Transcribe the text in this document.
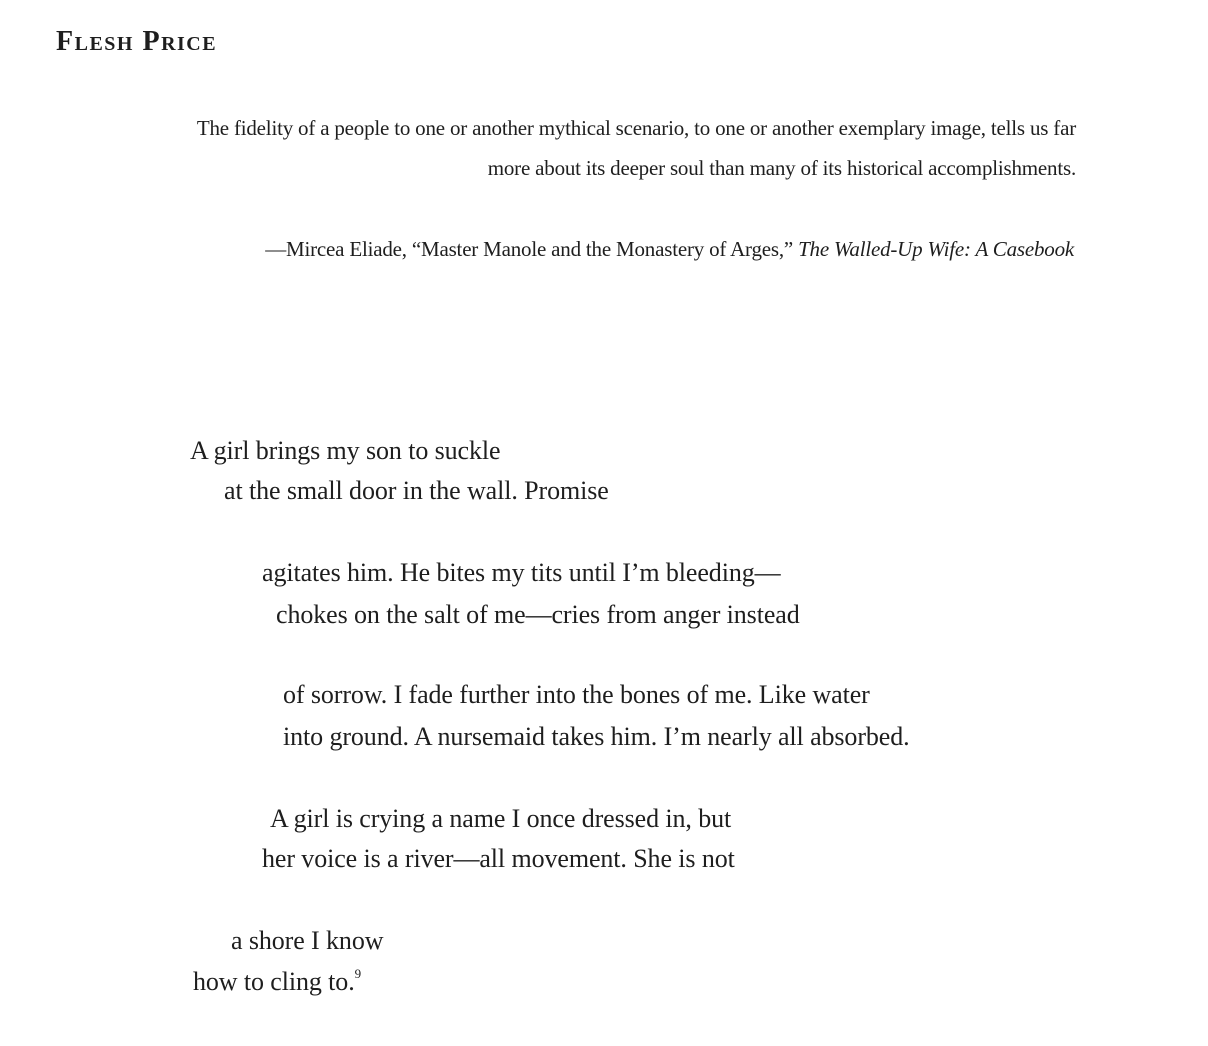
Flesh Price
The fidelity of a people to one or another mythical scenario, to one or another exemplary image, tells us far
more about its deeper soul than many of its historical accomplishments.
—Mircea Eliade, “Master Manole and the Monastery of Arges,” The Walled-Up Wife: A Casebook
A girl brings my son to suckle
at the small door in the wall. Promise
agitates him. He bites my tits until I’m bleeding—
chokes on the salt of me—cries from anger instead
of sorrow. I fade further into the bones of me. Like water
into ground. A nursemaid takes him. I’m nearly all absorbed.
A girl is crying a name I once dressed in, but
her voice is a river—all movement. She is not
a shore I know
how to cling to.$^9$
